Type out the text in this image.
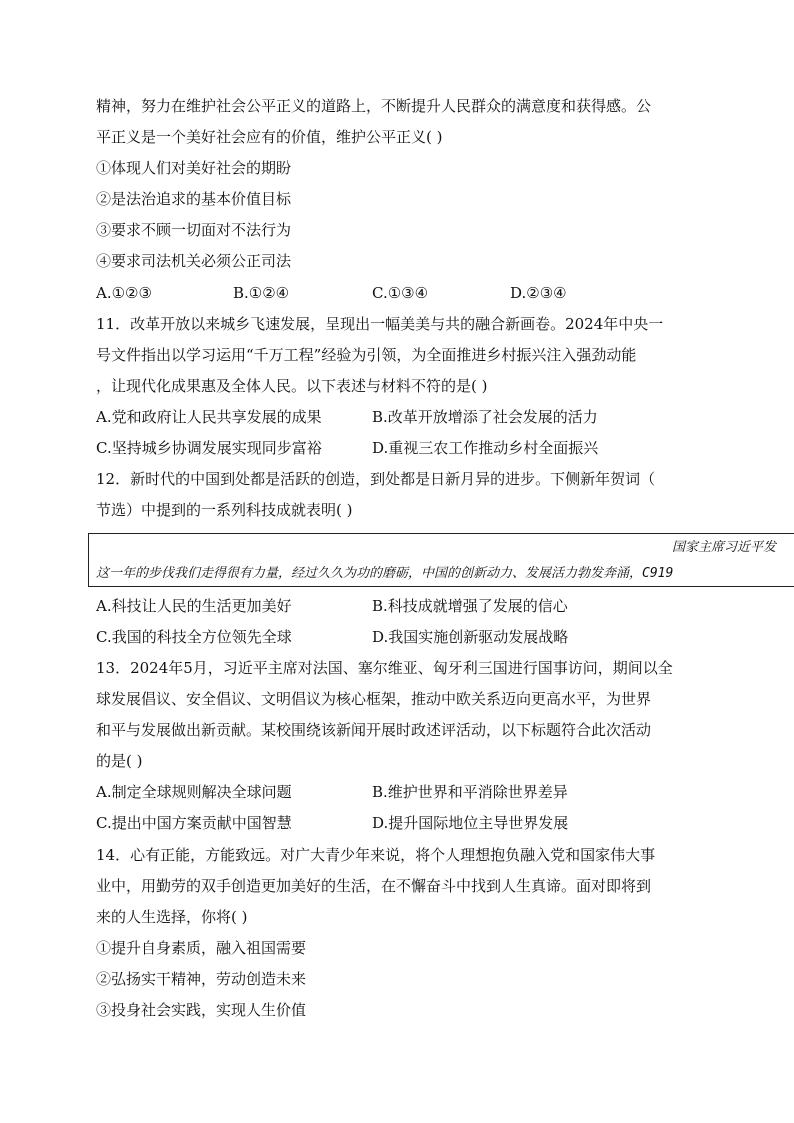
精神，努力在维护社会公平正义的道路上，不断提升人民群众的满意度和获得感。公
平正义是一个美好社会应有的价值，维护公平正义( )
①体现人们对美好社会的期盼
②是法治追求的基本价值目标
③要求不顾一切面对不法行为
④要求司法机关必须公正司法
A.①②③	B.①②④	C.①③④	D.②③④
11．改革开放以来城乡飞速发展，呈现出一幅美美与共的融合新画卷。2024年中央一
号文件指出以学习运用“千万工程”经验为引领，为全面推进乡村振兴注入强劲动能
，让现代化成果惠及全体人民。以下表述与材料不符的是( )
A.党和政府让人民共享发展的成果	B.改革开放增添了社会发展的活力
C.坚持城乡协调发展实现同步富裕	D.重视三农工作推动乡村全面振兴
12．新时代的中国到处都是活跃的创造，到处都是日新月异的进步。下侧新年贺词（
节选）中提到的一系列科技成就表明( )
国家主席习近平发
这一年的步伐我们走得很有力量，经过久久为功的磨砺，中国的创新动力、发展活力勃发奔涌，C919
A.科技让人民的生活更加美好	B.科技成就增强了发展的信心
C.我国的科技全方位领先全球	D.我国实施创新驱动发展战略
13．2024年5月，习近平主席对法国、塞尔维亚、匈牙利三国进行国事访问，期间以全
球发展倡议、安全倡议、文明倡议为核心框架，推动中欧关系迈向更高水平，为世界
和平与发展做出新贡献。某校围绕该新闻开展时政述评活动，以下标题符合此次活动
的是( )
A.制定全球规则解决全球问题	B.维护世界和平消除世界差异
C.提出中国方案贡献中国智慧	D.提升国际地位主导世界发展
14．心有正能，方能致远。对广大青少年来说，将个人理想抱负融入党和国家伟大事
业中，用勤劳的双手创造更加美好的生活，在不懈奋斗中找到人生真谛。面对即将到
来的人生选择，你将( )
①提升自身素质，融入祖国需要
②弘扬实干精神，劳动创造未来
③投身社会实践，实现人生价值
